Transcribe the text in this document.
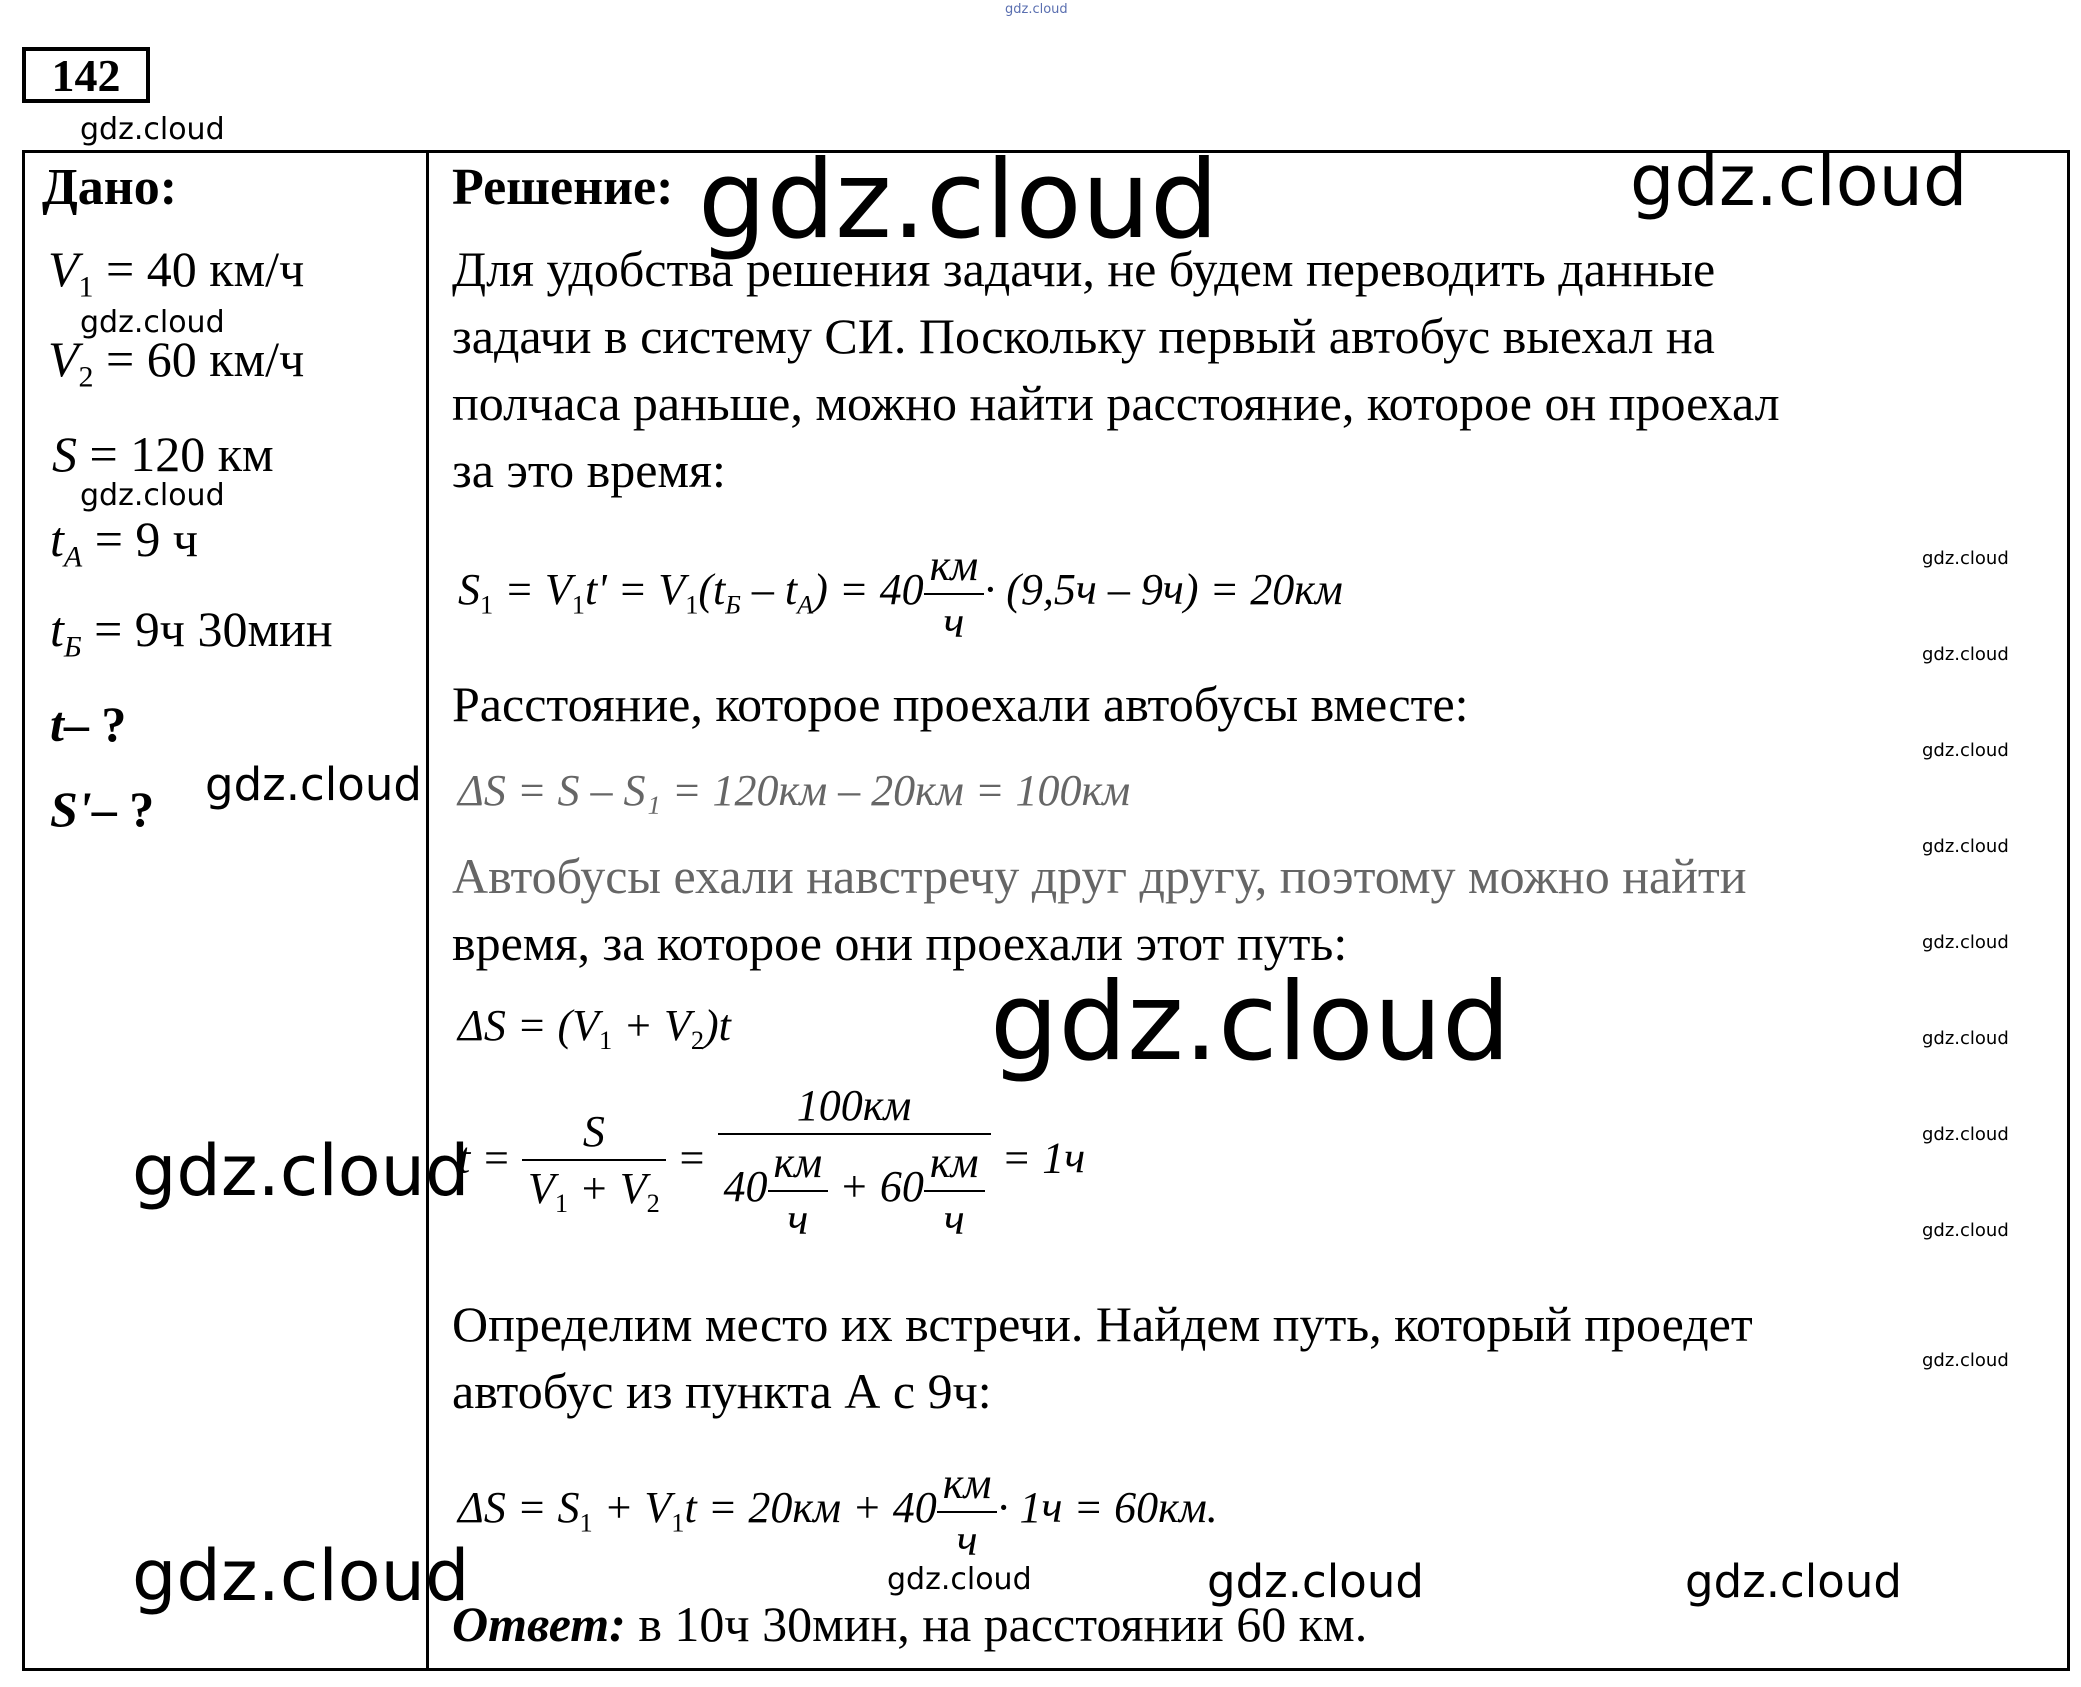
gdz.cloud
142
gdz.cloud
Дано:
$V_1 = 40$ км/ч
gdz.cloud
$V_2 = 60$ км/ч
S = 120 км
gdz.cloud
$t_А = 9$ ч
$t_Б = 9ч$ 30мин
t– ?
S'– ? gdz.cloud
gdz.cloud
gdz.cloud
Решение: gdz.cloud	gdz.cloud
Для удобства решения задачи, не будем переводить данные
задачи в систему СИ. Поскольку первый автобус выехал на
полчаса раньше, можно найти расстояние, которое он проехал
за это время:
$S_1 = V_1t' = V_1(t_Б - t_А) = 40 \frac{км}{ч} \cdot (9,5ч - 9ч) = 20км$
Расстояние, которое проехали автобусы вместе:
ΔS = S – S₁ = 120км – 20км = 100км
Автобусы ехали навстречу друг другу, поэтому можно найти
время, за которое они проехали этот путь:
$\Delta S = (V_1 + V_2)t$ gdz.cloud
$t = \frac{S}{V_1 + V_2} = \frac{100км}{40 \frac{км}{ч} + 60 \frac{км}{ч}} = 1ч$
Определим место их встречи. Найдем путь, который проедет
автобус из пункта А с 9ч:
$\Delta S = S_1 + V_1t = 20км + 40 \frac{км}{ч} \cdot 1ч = 60км$.
gdz.cloud	gdz.cloud	gdz.cloud
Ответ: в 10ч 30мин, на расстоянии 60 км.
gdz.cloud
gdz.cloud
gdz.cloud
gdz.cloud
gdz.cloud
gdz.cloud
gdz.cloud
gdz.cloud
gdz.cloud
